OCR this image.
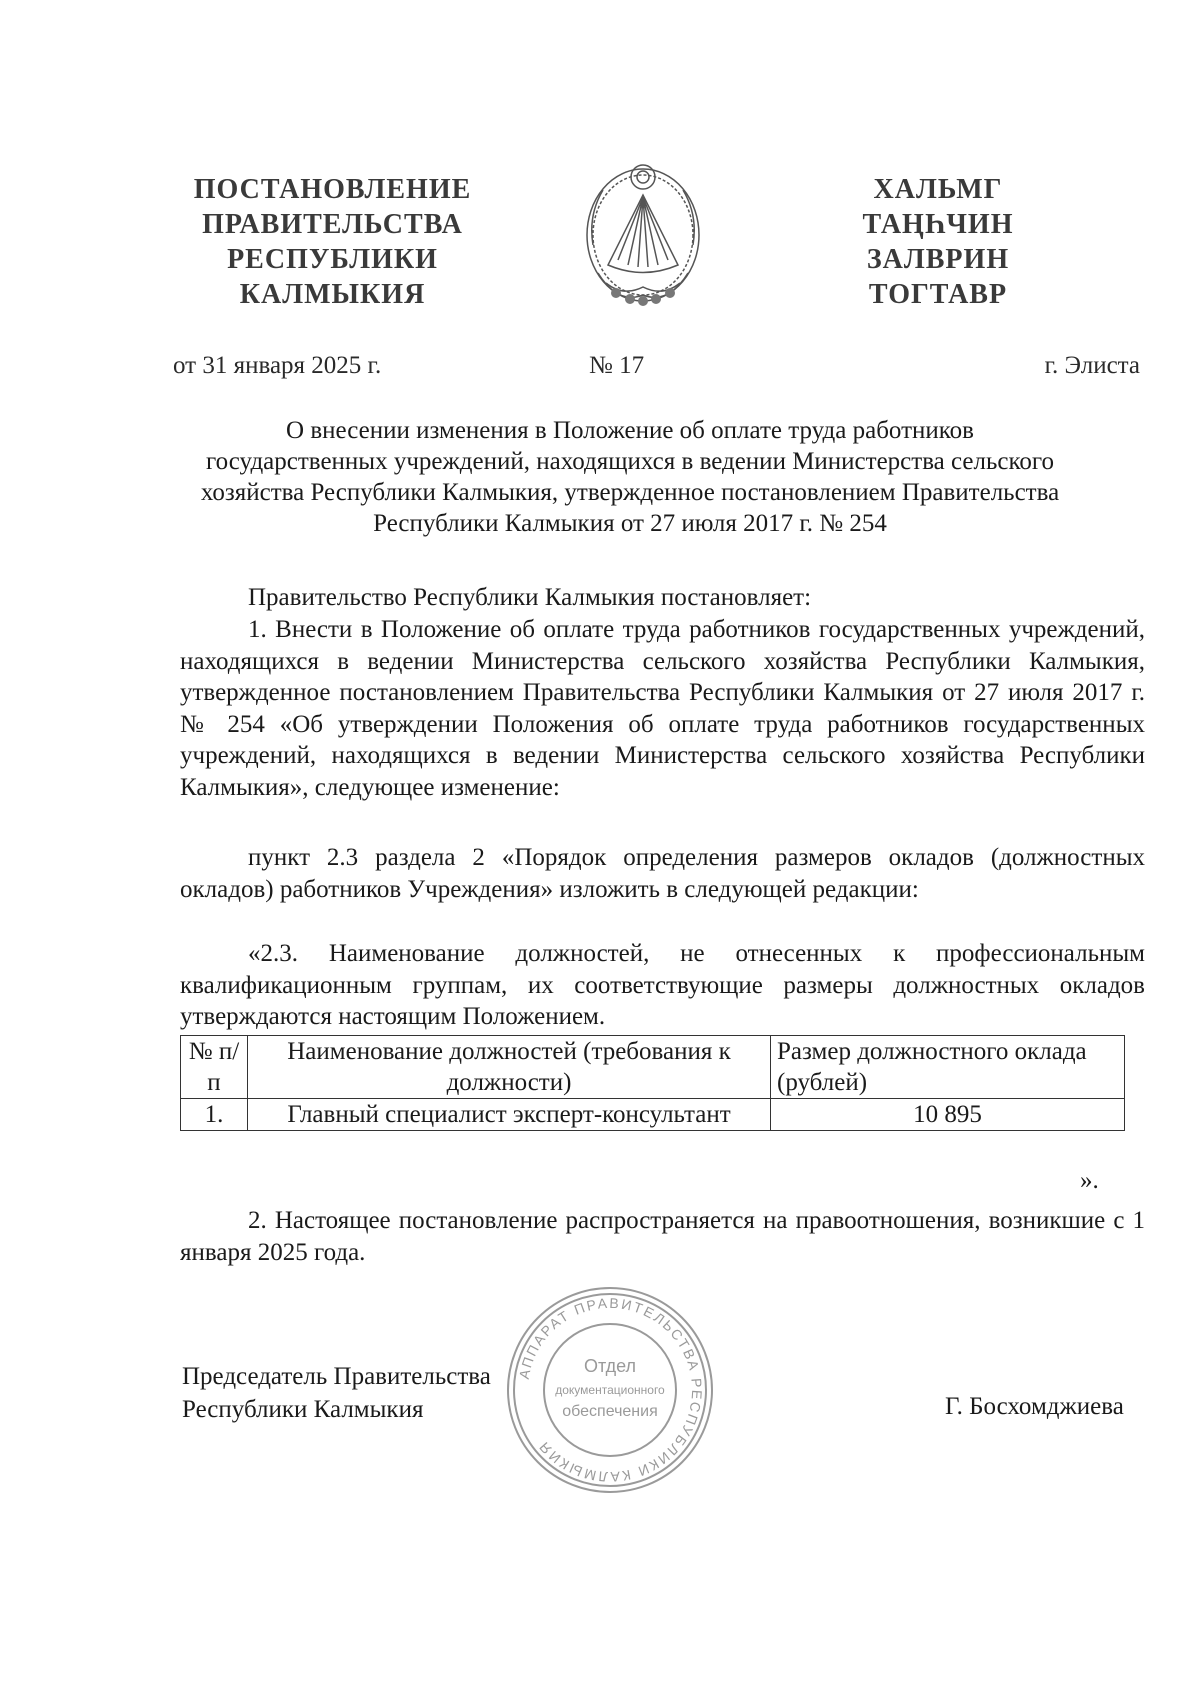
ПОСТАНОВЛЕНИЕ
ПРАВИТЕЛЬСТВА
РЕСПУБЛИКИ
КАЛМЫКИЯ
ХАЛЬМГ
ТАҢҺЧИН
ЗАЛВРИН
ТОГТАВР
от 31 января 2025 г.	№ 17	г. Элиста
О внесении изменения в Положение об оплате труда работников
государственных учреждений, находящихся в ведении Министерства сельского
хозяйства Республики Калмыкия, утвержденное постановлением Правительства
Республики Калмыкия от 27 июля 2017 г. № 254

Правительство Республики Калмыкия постановляет:

1. Внести в Положение об оплате труда работников государственных учреждений, находящихся в ведении Министерства сельского хозяйства Республики Калмыкия, утвержденное постановлением Правительства Республики Калмыкия от 27 июля 2017 г. № 254 «Об утверждении Положения об оплате труда работников государственных учреждений, находящихся в ведении Министерства сельского хозяйства Республики Калмыкия», следующее изменение:

пункт 2.3 раздела 2 «Порядок определения размеров окладов (должностных окладов) работников Учреждения» изложить в следующей редакции:

«2.3. Наименование должностей, не отнесенных к профессиональным квалификационным группам, их соответствующие размеры должностных окладов утверждаются настоящим Положением.

№ п/п	Наименование должностей (требования к должности)	Размер должностного оклада (рублей)
1.	Главный специалист эксперт-консультант	10 895
».

2. Настоящее постановление распространяется на правоотношения, возникшие с 1 января 2025 года.

АППАРАТ ПРАВИТЕЛЬСТВА РЕСПУБЛИКИ КАЛМЫКИЯ
Отдел
документационного
обеспечения
Председатель Правительства
Республики Калмыкия	Г. Босхомджиева
